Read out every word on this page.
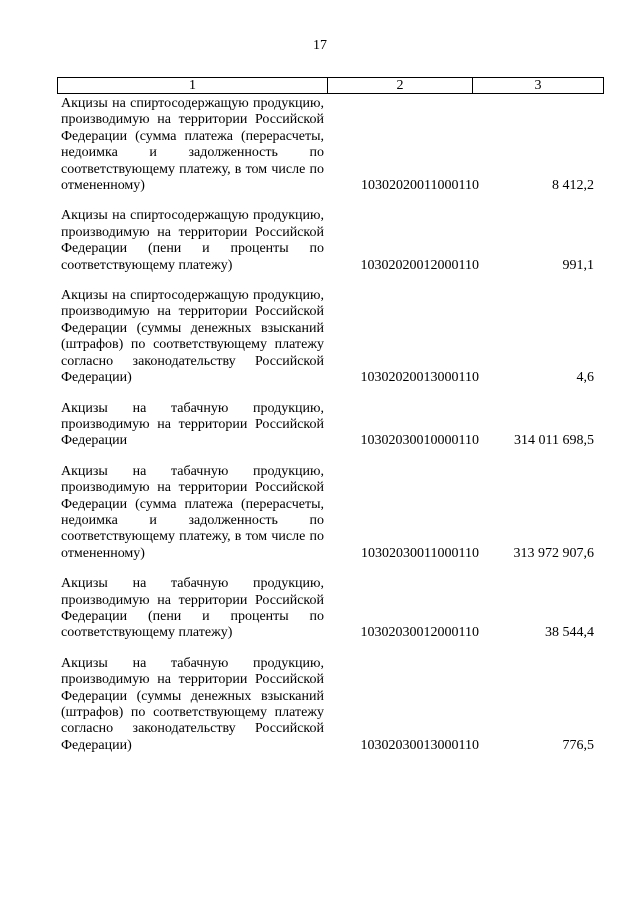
17
1	2	3
Акцизы на спиртосодержащую продукцию, производимую на территории Российской Федерации (сумма платежа (перерасчеты, недоимка и задолженность по соответствующему платежу, в том числе по отмененному)	10302020011000110	8 412,2
Акцизы на спиртосодержащую продукцию, производимую на территории Российской Федерации (пени и проценты по соответствующему платежу)	10302020012000110	991,1
Акцизы на спиртосодержащую продукцию, производимую на территории Российской Федерации (суммы денежных взысканий (штрафов) по соответствующему платежу согласно законодательству Российской Федерации)	10302020013000110	4,6
Акцизы на табачную продукцию, производимую на территории Российской Федерации	10302030010000110	314 011 698,5
Акцизы на табачную продукцию, производимую на территории Российской Федерации (сумма платежа (перерасчеты, недоимка и задолженность по соответствующему платежу, в том числе по отмененному)	10302030011000110	313 972 907,6
Акцизы на табачную продукцию, производимую на территории Российской Федерации (пени и проценты по соответствующему платежу)	10302030012000110	38 544,4
Акцизы на табачную продукцию, производимую на территории Российской Федерации (суммы денежных взысканий (штрафов) по соответствующему платежу согласно законодательству Российской Федерации)	10302030013000110	776,5
